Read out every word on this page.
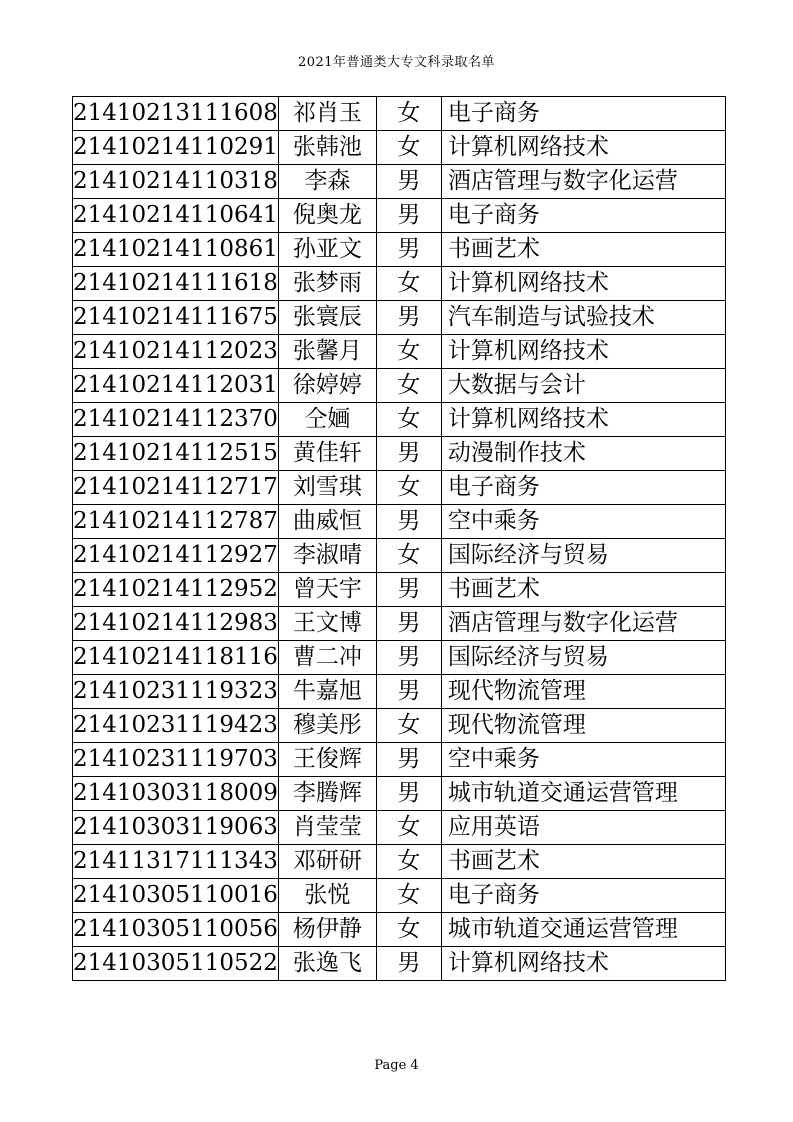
2021年普通类大专文科录取名单
21410213111608	祁肖玉	女	电子商务
21410214110291	张韩池	女	计算机网络技术
21410214110318	李森	男	酒店管理与数字化运营
21410214110641	倪奥龙	男	电子商务
21410214110861	孙亚文	男	书画艺术
21410214111618	张梦雨	女	计算机网络技术
21410214111675	张寰辰	男	汽车制造与试验技术
21410214112023	张馨月	女	计算机网络技术
21410214112031	徐婷婷	女	大数据与会计
21410214112370	仝婳	女	计算机网络技术
21410214112515	黄佳轩	男	动漫制作技术
21410214112717	刘雪琪	女	电子商务
21410214112787	曲威恒	男	空中乘务
21410214112927	李淑晴	女	国际经济与贸易
21410214112952	曾天宇	男	书画艺术
21410214112983	王文博	男	酒店管理与数字化运营
21410214118116	曹二冲	男	国际经济与贸易
21410231119323	牛嘉旭	男	现代物流管理
21410231119423	穆美彤	女	现代物流管理
21410231119703	王俊辉	男	空中乘务
21410303118009	李腾辉	男	城市轨道交通运营管理
21410303119063	肖莹莹	女	应用英语
21411317111343	邓研研	女	书画艺术
21410305110016	张悦	女	电子商务
21410305110056	杨伊静	女	城市轨道交通运营管理
21410305110522	张逸飞	男	计算机网络技术
Page 4
